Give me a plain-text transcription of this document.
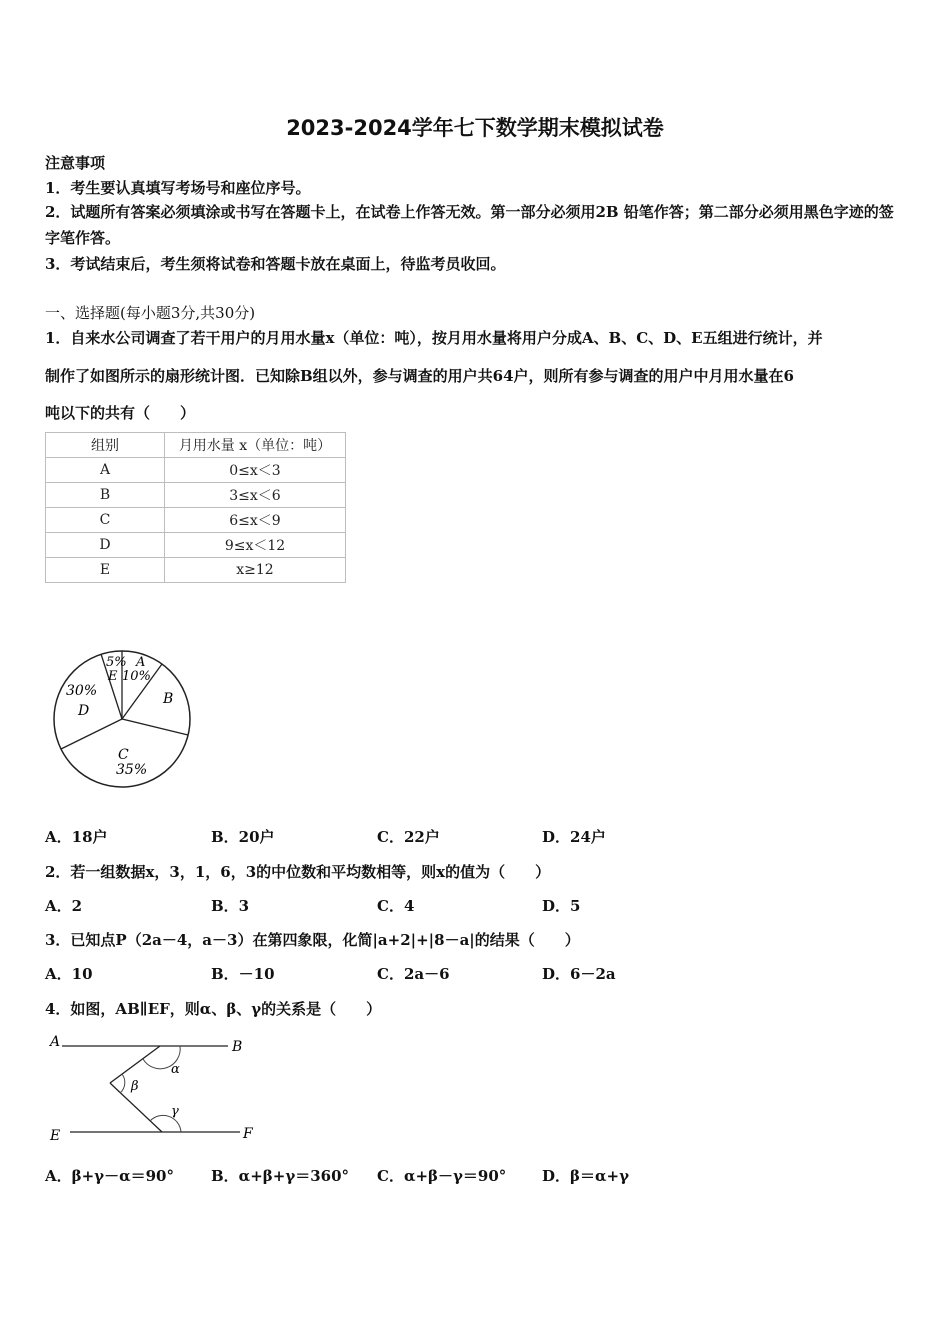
2023-2024学年七下数学期末模拟试卷
注意事项
1．考生要认真填写考场号和座位序号。
2．试题所有答案必须填涂或书写在答题卡上，在试卷上作答无效。第一部分必须用2B 铅笔作答；第二部分必须用黑色字迹的签字笔作答。
3．考试结束后，考生须将试卷和答题卡放在桌面上，待监考员收回。
一、选择题(每小题3分,共30分)
1．自来水公司调查了若干用户的月用水量x（单位：吨），按月用水量将用户分成A、B、C、D、E五组进行统计，并
制作了如图所示的扇形统计图．已知除B组以外，参与调查的用户共64户，则所有参与调查的用户中月用水量在6
吨以下的共有（　　）
组别	月用水量 x（单位：吨）
A	0≤x＜3
B	3≤x＜6
C	6≤x＜9
D	9≤x＜12
E	x≥12
5%
E
A
10%
B
30%
D
C
35%
A．18户	B．20户	C．22户	D．24户
2．若一组数据x，3，1，6，3的中位数和平均数相等，则x的值为（　　）
A．2	B．3	C．4	D．5
3．已知点P（2a－4，a－3）在第四象限，化简|a+2|+|8－a|的结果（　　）
A．10	B．－10	C．2a－6	D．6－2a
4．如图，AB∥EF，则α、β、γ的关系是（　　）
A	B
E	F
α
β
γ
A．β+γ－α＝90° B．α+β+γ＝360° C．α+β－γ＝90° D．β＝α+γ
